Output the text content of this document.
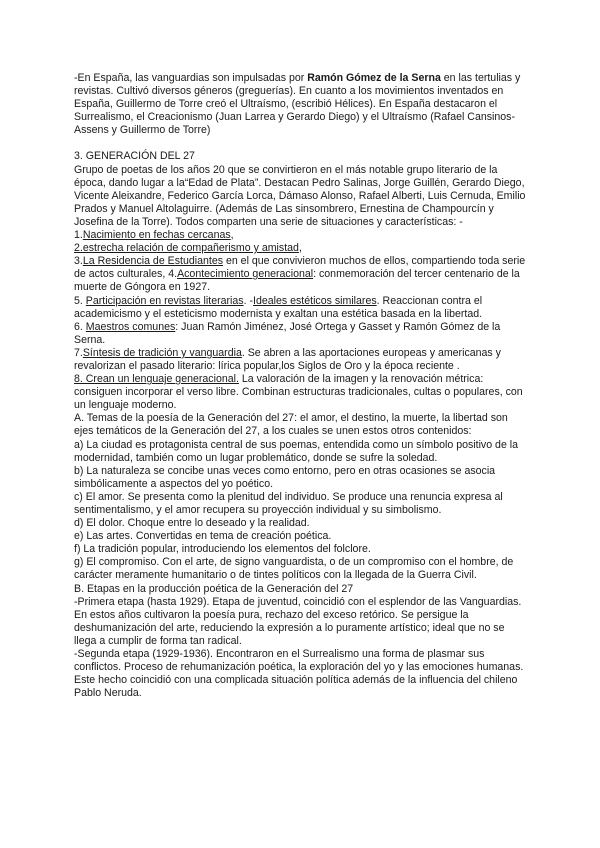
-En España, las vanguardias son impulsadas por Ramón Gómez de la Serna en las tertulias y revistas. Cultivó diversos géneros (greguerías). En cuanto a los movimientos inventados en España, Guillermo de Torre creó el Ultraísmo, (escribió Hélices). En España destacaron el Surrealismo, el Creacionismo (Juan Larrea y Gerardo Diego) y el Ultraísmo (Rafael Cansinos-Assens y Guillermo de Torre)

3. GENERACIÓN DEL 27

Grupo de poetas de los años 20 que se convirtieron en el más notable grupo literario de la época, dando lugar a la“Edad de Plata”. Destacan Pedro Salinas, Jorge Guillén, Gerardo Diego, Vicente Aleixandre, Federico García Lorca, Dámaso Alonso, Rafael Alberti, Luis Cernuda, Emilio Prados y Manuel Altolaguirre. (Además de Las sinsombrero, Ernestina de Champourcín y Josefina de la Torre). Todos comparten una serie de situaciones y características: - 1.Nacimiento en fechas cercanas,

2.estrecha relación de compañerismo y amistad,

3.La Residencia de Estudiantes en el que convivieron muchos de ellos, compartiendo toda serie de actos culturales, 4.Acontecimiento generacional: conmemoración del tercer centenario de la muerte de Góngora en 1927.

5. Participación en revistas literarias. -Ideales estéticos similares. Reaccionan contra el academicismo y el esteticismo modernista y exaltan una estética basada en la libertad.

6. Maestros comunes: Juan Ramón Jiménez, José Ortega y Gasset y Ramón Gómez de la Serna.

7.Síntesis de tradición y vanguardia. Se abren a las aportaciones europeas y americanas y revalorizan el pasado literario: lírica popular,los Siglos de Oro y la época reciente .

8. Crean un lenguaje generacional. La valoración de la imagen y la renovación métrica: consiguen incorporar el verso libre. Combinan estructuras tradicionales, cultas o populares, con un lenguaje moderno.

A. Temas de la poesía de la Generación del 27: el amor, el destino, la muerte, la libertad son ejes temáticos de la Generación del 27, a los cuales se unen estos otros contenidos:

a) La ciudad es protagonista central de sus poemas, entendida como un símbolo positivo de la modernidad, también como un lugar problemático, donde se sufre la soledad.

b) La naturaleza se concibe unas veces como entorno, pero en otras ocasiones se asocia simbólicamente a aspectos del yo poético.

c) El amor. Se presenta como la plenitud del individuo. Se produce una renuncia expresa al sentimentalismo, y el amor recupera su proyección individual y su simbolismo.

d) El dolor. Choque entre lo deseado y la realidad.

e) Las artes. Convertidas en tema de creación poética.

f) La tradición popular, introduciendo los elementos del folclore.

g) El compromiso. Con el arte, de signo vanguardista, o de un compromiso con el hombre, de carácter meramente humanitario o de tintes políticos con la llegada de la Guerra Civil.

B. Etapas en la producción poética de la Generación del 27

-Primera etapa (hasta 1929). Etapa de juventud, coincidió con el esplendor de las Vanguardias. En estos años cultivaron la poesía pura, rechazo del exceso retórico. Se persigue la deshumanización del arte, reduciendo la expresión a lo puramente artístico; ideal que no se llega a cumplir de forma tan radical.

-Segunda etapa (1929-1936). Encontraron en el Surrealismo una forma de plasmar sus conflictos. Proceso de rehumanización poética, la exploración del yo y las emociones humanas. Este hecho coincidió con una complicada situación política además de la influencia del chileno Pablo Neruda.
